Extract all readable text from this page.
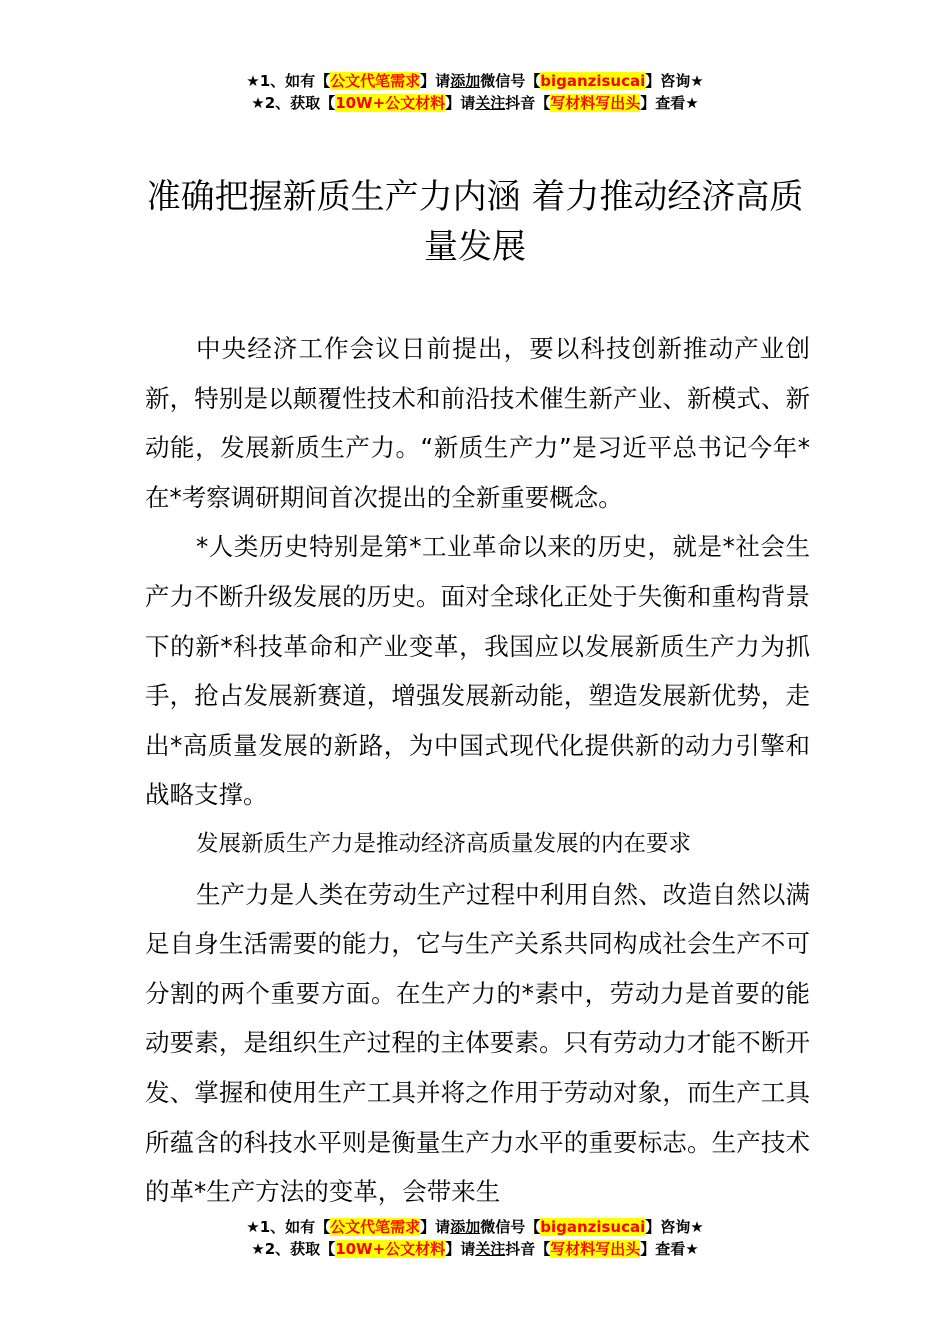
★1、如有【公文代笔需求】请添加微信号【biganzisucai】咨询★
★2、获取【10W+公文材料】请关注抖音【写材料写出头】查看★
准确把握新质生产力内涵 着力推动经济高质量发展

中央经济工作会议日前提出，要以科技创新推动产业创新，特别是以颠覆性技术和前沿技术催生新产业、新模式、新动能，发展新质生产力。“新质生产力”是习近平总书记今年*在*考察调研期间首次提出的全新重要概念。

*人类历史特别是第*工业革命以来的历史，就是*社会生产力不断升级发展的历史。面对全球化正处于失衡和重构背景下的新*科技革命和产业变革，我国应以发展新质生产力为抓手，抢占发展新赛道，增强发展新动能，塑造发展新优势，走出*高质量发展的新路，为中国式现代化提供新的动力引擎和战略支撑。

发展新质生产力是推动经济高质量发展的内在要求

生产力是人类在劳动生产过程中利用自然、改造自然以满足自身生活需要的能力，它与生产关系共同构成社会生产不可分割的两个重要方面。在生产力的*素中，劳动力是首要的能动要素，是组织生产过程的主体要素。只有劳动力才能不断开发、掌握和使用生产工具并将之作用于劳动对象，而生产工具所蕴含的科技水平则是衡量生产力水平的重要标志。生产技术的革*生产方法的变革，会带来生

★1、如有【公文代笔需求】请添加微信号【biganzisucai】咨询★
★2、获取【10W+公文材料】请关注抖音【写材料写出头】查看★
